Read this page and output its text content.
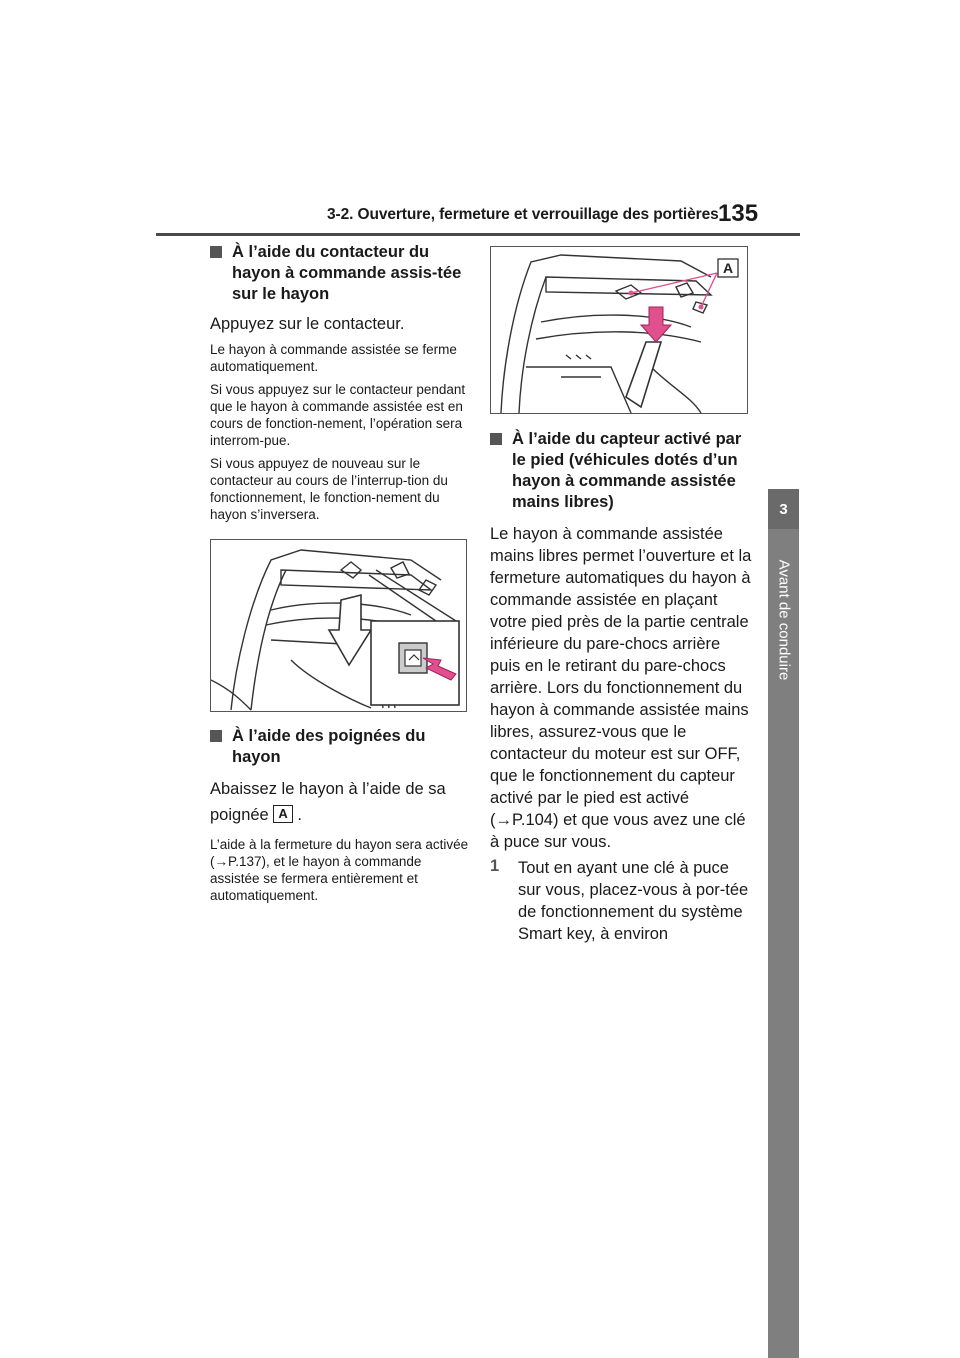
3-2. Ouverture, fermeture et verrouillage des portières 135
3
Avant de conduire
À l’aide du contacteur du hayon à commande assis-tée sur le hayon

Appuyez sur le contacteur.

Le hayon à commande assistée se ferme automatiquement.

Si vous appuyez sur le contacteur pendant que le hayon à commande assistée est en cours de fonction-nement, l’opération sera interrom-pue.

Si vous appuyez de nouveau sur le contacteur au cours de l’interrup-tion du fonctionnement, le fonction-nement du hayon s’inversera.

À l’aide des poignées du hayon

Abaissez le hayon à l’aide de sa poignée A .

L’aide à la fermeture du hayon sera activée (→P.137), et le hayon à commande assistée se fermera entièrement et automatiquement.

A
À l’aide du capteur activé par le pied (véhicules dotés d’un hayon à commande assistée mains libres)

Le hayon à commande assistée mains libres permet l’ouverture et la fermeture automatiques du hayon à commande assistée en plaçant votre pied près de la partie centrale inférieure du pare-chocs arrière puis en le retirant du pare-chocs arrière. Lors du fonctionnement du hayon à commande assistée mains libres, assurez-vous que le contacteur du moteur est sur OFF, que le fonctionnement du capteur activé par le pied est activé (→P.104) et que vous avez une clé à puce sur vous.

1 Tout en ayant une clé à puce sur vous, placez-vous à por-tée de fonctionnement du système Smart key, à environ
